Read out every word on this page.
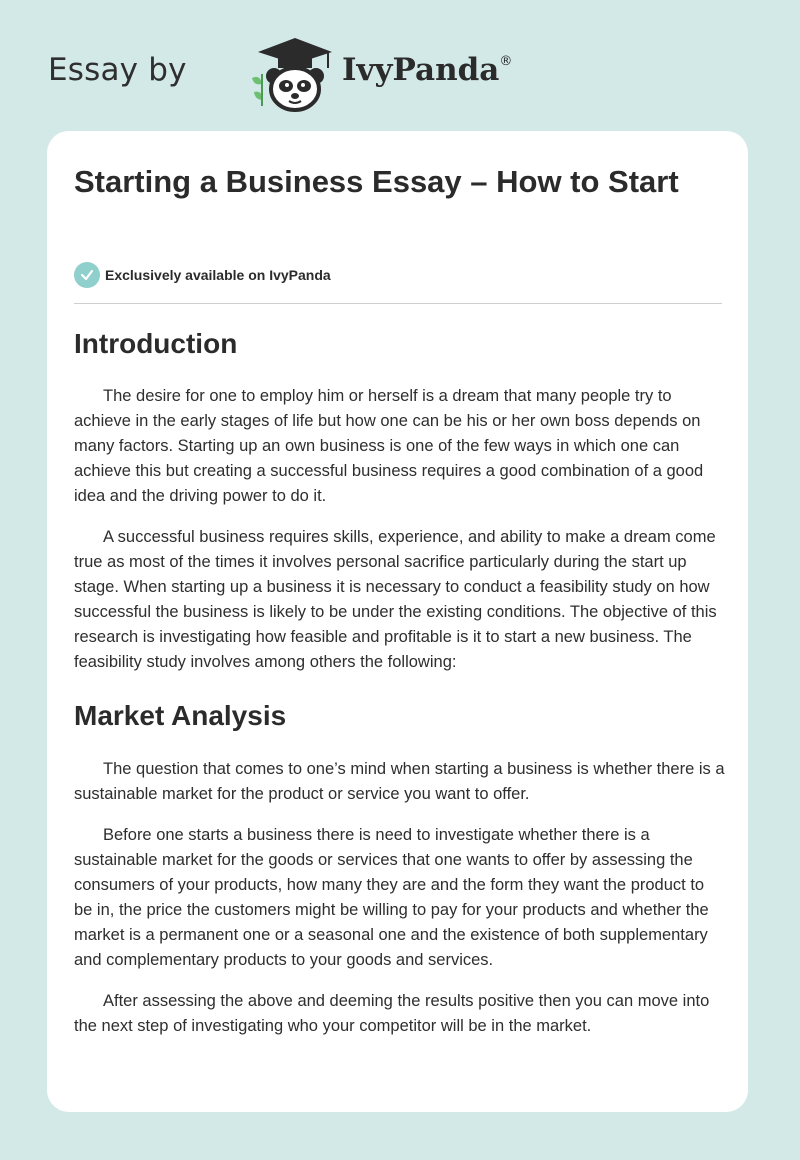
Essay by	IvyPanda®
Starting a Business Essay – How to Start
Exclusively available on IvyPanda
Introduction

The desire for one to employ him or herself is a dream that many people try to achieve in the early stages of life but how one can be his or her own boss depends on many factors. Starting up an own business is one of the few ways in which one can achieve this but creating a successful business requires a good combination of a good idea and the driving power to do it.

A successful business requires skills, experience, and ability to make a dream come true as most of the times it involves personal sacrifice particularly during the start up stage. When starting up a business it is necessary to conduct a feasibility study on how successful the business is likely to be under the existing conditions. The objective of this research is investigating how feasible and profitable is it to start a new business. The feasibility study involves among others the following:

Market Analysis

The question that comes to one’s mind when starting a business is whether there is a sustainable market for the product or service you want to offer.

Before one starts a business there is need to investigate whether there is a sustainable market for the goods or services that one wants to offer by assessing the consumers of your products, how many they are and the form they want the product to be in, the price the customers might be willing to pay for your products and whether the market is a permanent one or a seasonal one and the existence of both supplementary and complementary products to your goods and services.

After assessing the above and deeming the results positive then you can move into the next step of investigating who your competitor will be in the market.
